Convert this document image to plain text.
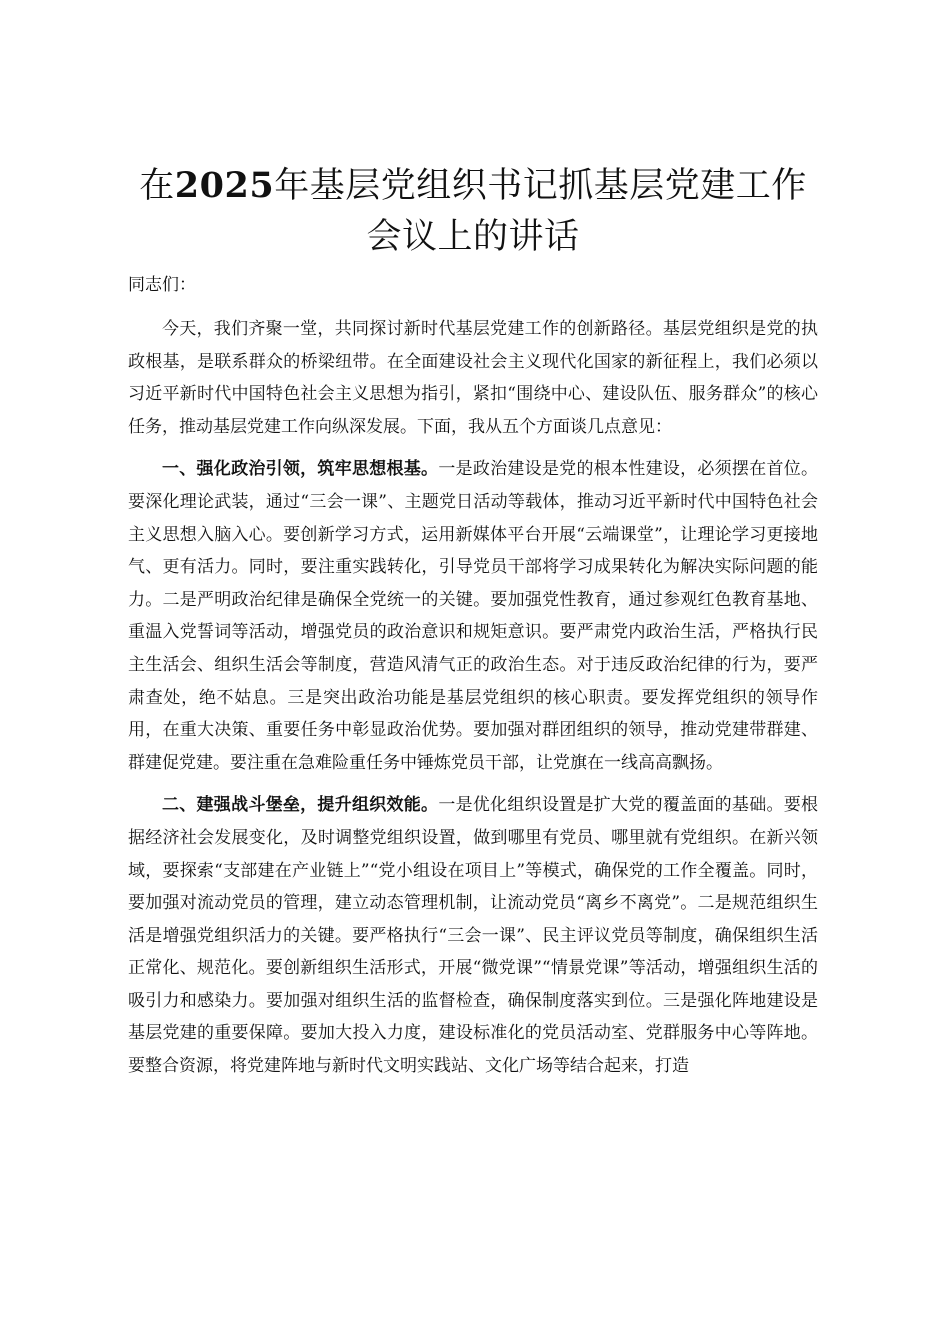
在2025年基层党组织书记抓基层党建工作会议上的讲话

同志们：

今天，我们齐聚一堂，共同探讨新时代基层党建工作的创新路径。基层党组织是党的执政根基，是联系群众的桥梁纽带。在全面建设社会主义现代化国家的新征程上，我们必须以习近平新时代中国特色社会主义思想为指引，紧扣“围绕中心、建设队伍、服务群众”的核心任务，推动基层党建工作向纵深发展。下面，我从五个方面谈几点意见：

一、强化政治引领，筑牢思想根基。一是政治建设是党的根本性建设，必须摆在首位。要深化理论武装，通过“三会一课”、主题党日活动等载体，推动习近平新时代中国特色社会主义思想入脑入心。要创新学习方式，运用新媒体平台开展“云端课堂”，让理论学习更接地气、更有活力。同时，要注重实践转化，引导党员干部将学习成果转化为解决实际问题的能力。二是严明政治纪律是确保全党统一的关键。要加强党性教育，通过参观红色教育基地、重温入党誓词等活动，增强党员的政治意识和规矩意识。要严肃党内政治生活，严格执行民主生活会、组织生活会等制度，营造风清气正的政治生态。对于违反政治纪律的行为，要严肃查处，绝不姑息。三是突出政治功能是基层党组织的核心职责。要发挥党组织的领导作用，在重大决策、重要任务中彰显政治优势。要加强对群团组织的领导，推动党建带群建、群建促党建。要注重在急难险重任务中锤炼党员干部，让党旗在一线高高飘扬。

二、建强战斗堡垒，提升组织效能。一是优化组织设置是扩大党的覆盖面的基础。要根据经济社会发展变化，及时调整党组织设置，做到哪里有党员、哪里就有党组织。在新兴领域，要探索“支部建在产业链上”“党小组设在项目上”等模式，确保党的工作全覆盖。同时，要加强对流动党员的管理，建立动态管理机制，让流动党员“离乡不离党”。二是规范组织生活是增强党组织活力的关键。要严格执行“三会一课”、民主评议党员等制度，确保组织生活正常化、规范化。要创新组织生活形式，开展“微党课”“情景党课”等活动，增强组织生活的吸引力和感染力。要加强对组织生活的监督检查，确保制度落实到位。三是强化阵地建设是基层党建的重要保障。要加大投入力度，建设标准化的党员活动室、党群服务中心等阵地。要整合资源，将党建阵地与新时代文明实践站、文化广场等结合起来，打造
